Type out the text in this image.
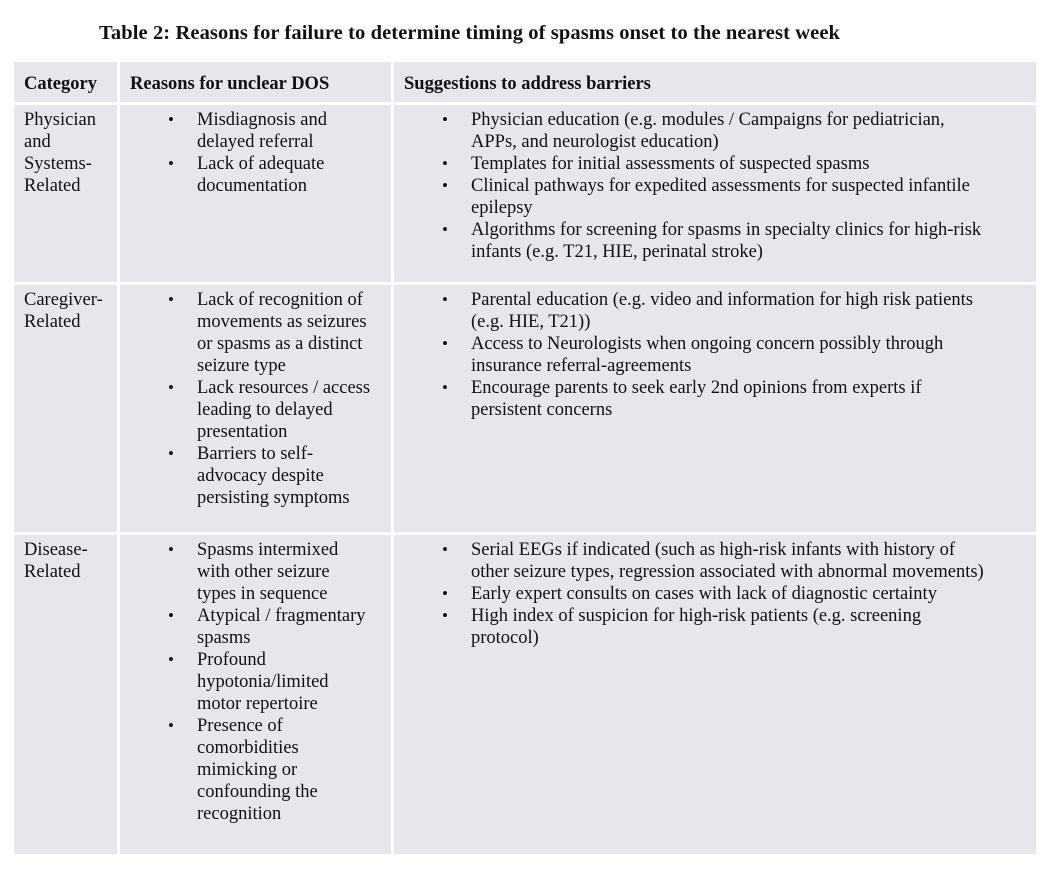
Table 2: Reasons for failure to determine timing of spasms onset to the nearest week
Category	Reasons for unclear DOS	Suggestions to address barriers
Physician
and
Systems-
Related
• Misdiagnosis and
delayed referral
• Lack of adequate
documentation
• Physician education (e.g. modules / Campaigns for pediatrician,
APPs, and neurologist education)
• Templates for initial assessments of suspected spasms
• Clinical pathways for expedited assessments for suspected infantile
epilepsy
• Algorithms for screening for spasms in specialty clinics for high-risk
infants (e.g. T21, HIE, perinatal stroke)
Caregiver-
Related
• Lack of recognition of
movements as seizures
or spasms as a distinct
seizure type
• Lack resources / access
leading to delayed
presentation
• Barriers to self-
advocacy despite
persisting symptoms
• Parental education (e.g. video and information for high risk patients
(e.g. HIE, T21))
• Access to Neurologists when ongoing concern possibly through
insurance referral-agreements
• Encourage parents to seek early 2nd opinions from experts if
persistent concerns
Disease-
Related
• Spasms intermixed
with other seizure
types in sequence
• Atypical / fragmentary
spasms
• Profound
hypotonia/limited
motor repertoire
• Presence of
comorbidities
mimicking or
confounding the
recognition
• Serial EEGs if indicated (such as high-risk infants with history of
other seizure types, regression associated with abnormal movements)
• Early expert consults on cases with lack of diagnostic certainty
• High index of suspicion for high-risk patients (e.g. screening
protocol)
